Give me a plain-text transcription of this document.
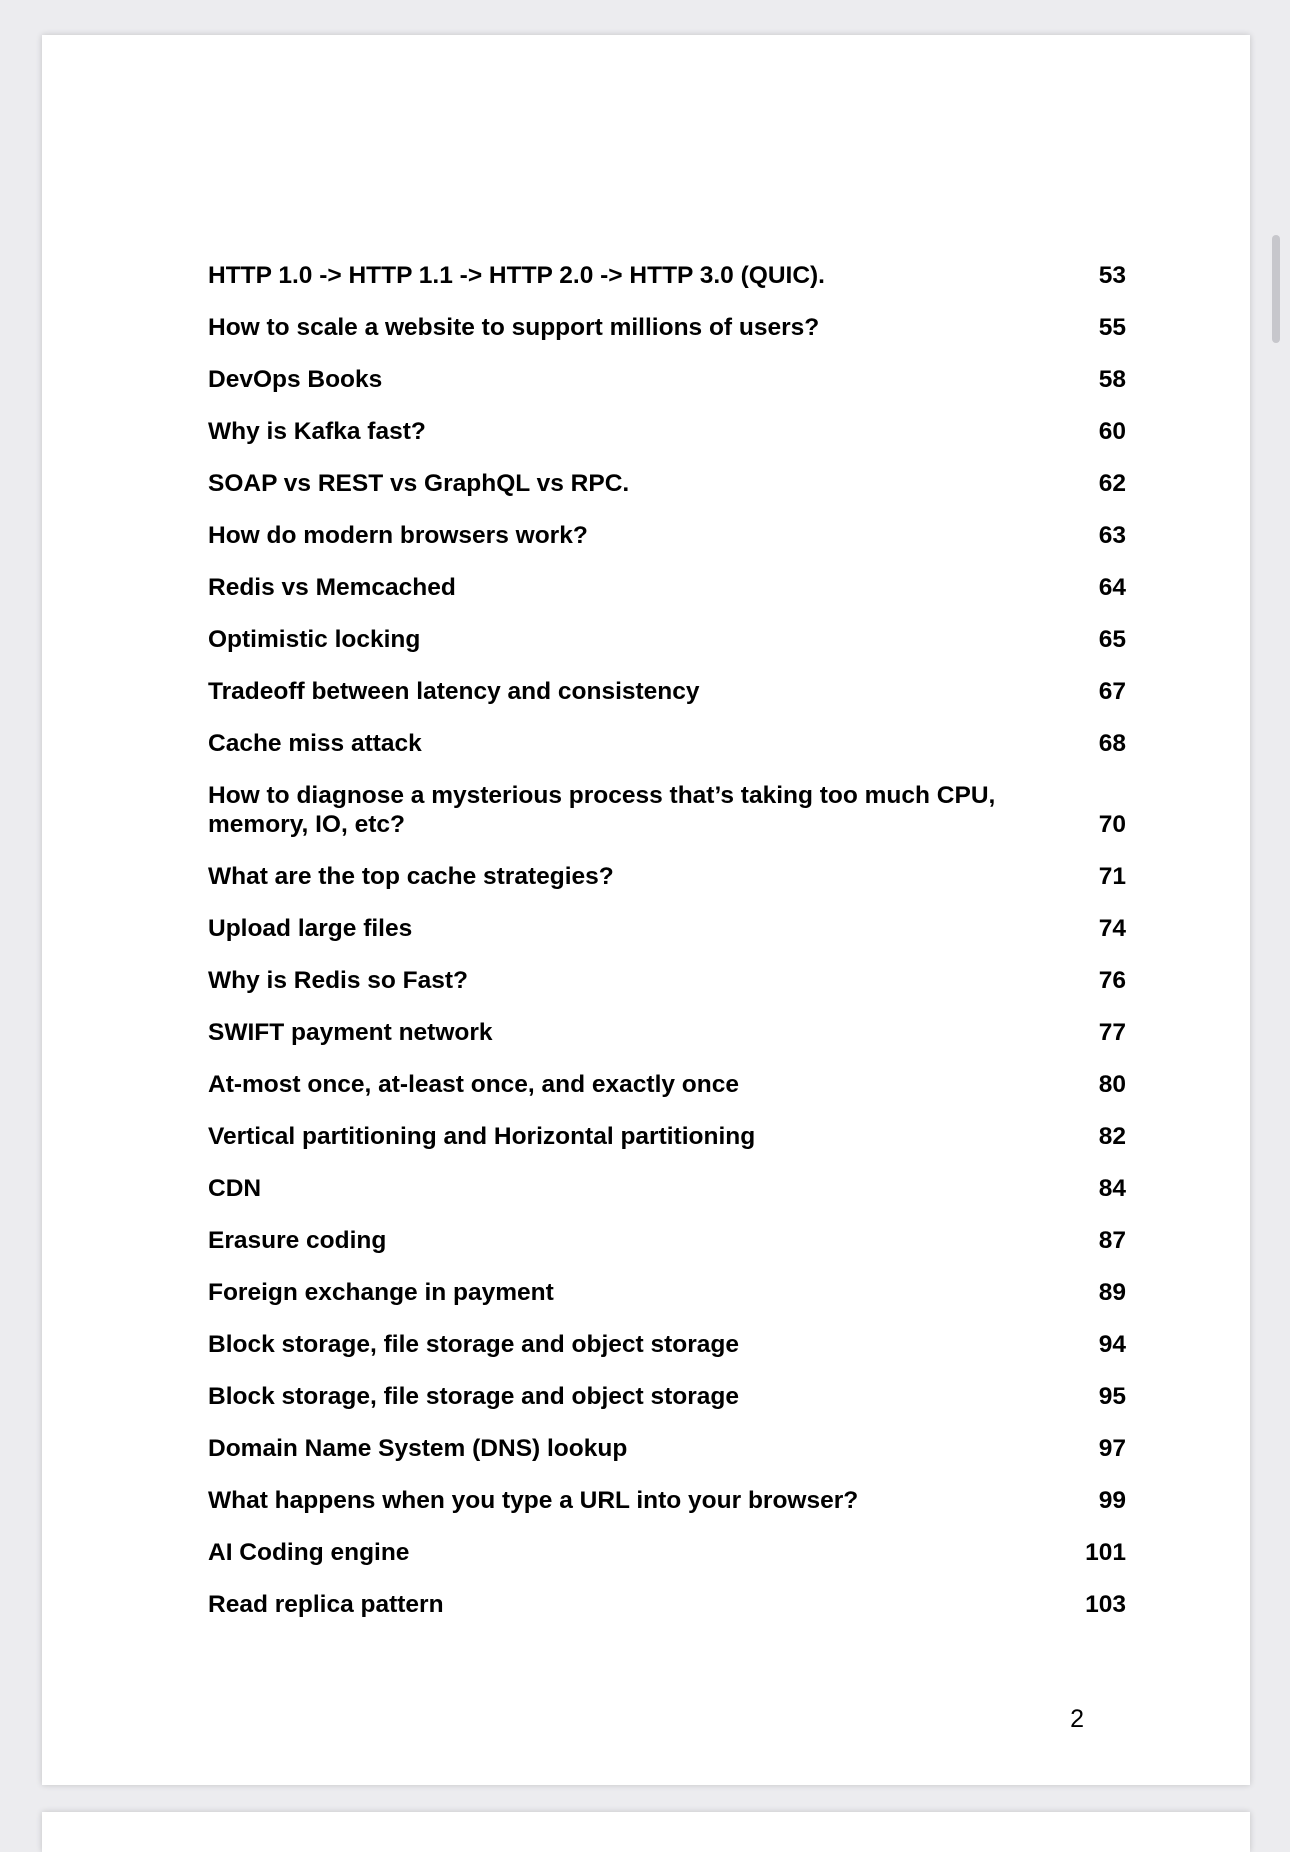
HTTP 1.0 -> HTTP 1.1 -> HTTP 2.0 -> HTTP 3.0 (QUIC).	53
How to scale a website to support millions of users?	55
DevOps Books	58
Why is Kafka fast?	60
SOAP vs REST vs GraphQL vs RPC.	62
How do modern browsers work?	63
Redis vs Memcached	64
Optimistic locking	65
Tradeoff between latency and consistency	67
Cache miss attack	68
How to diagnose a mysterious process that’s taking too much CPU, memory, IO, etc?	70
What are the top cache strategies?	71
Upload large files	74
Why is Redis so Fast?	76
SWIFT payment network	77
At-most once, at-least once, and exactly once	80
Vertical partitioning and Horizontal partitioning	82
CDN	84
Erasure coding	87
Foreign exchange in payment	89
Block storage, file storage and object storage	94
Block storage, file storage and object storage	95
Domain Name System (DNS) lookup	97
What happens when you type a URL into your browser?	99
AI Coding engine	101
Read replica pattern	103
2
